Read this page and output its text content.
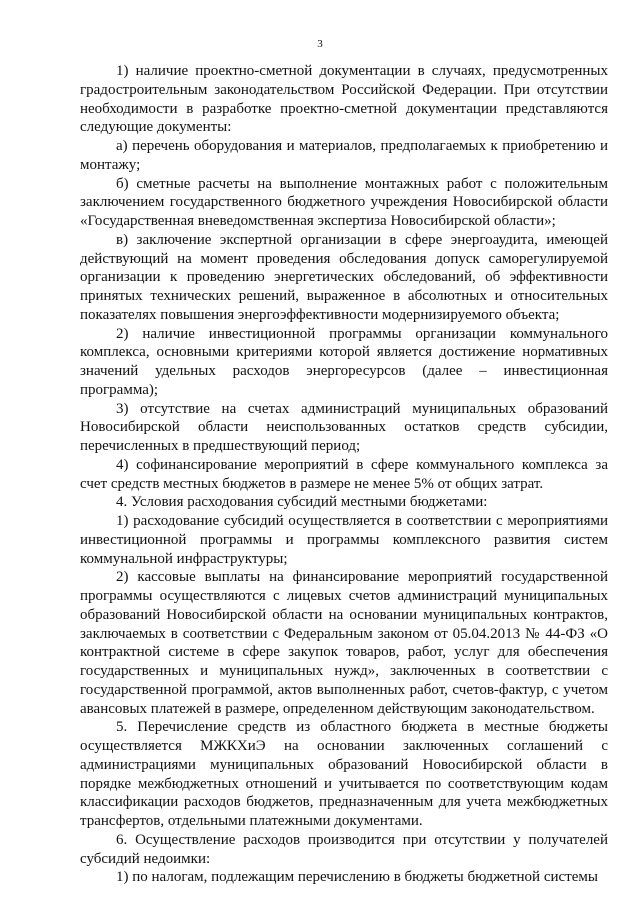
3

1) наличие проектно-сметной документации в случаях, предусмотренных градостроительным законодательством Российской Федерации. При отсутствии необходимости в разработке проектно-сметной документации представляются следующие документы:

а) перечень оборудования и материалов, предполагаемых к приобретению и монтажу;

б) сметные расчеты на выполнение монтажных работ с положительным заключением государственного бюджетного учреждения Новосибирской области «Государственная вневедомственная экспертиза Новосибирской области»;

в) заключение экспертной организации в сфере энергоаудита, имеющей действующий на момент проведения обследования допуск саморегулируемой организации к проведению энергетических обследований, об эффективности принятых технических решений, выраженное в абсолютных и относительных показателях повышения энергоэффективности модернизируемого объекта;

2) наличие инвестиционной программы организации коммунального комплекса, основными критериями которой является достижение нормативных значений удельных расходов энергоресурсов (далее – инвестиционная программа);

3) отсутствие на счетах администраций муниципальных образований Новосибирской области неиспользованных остатков средств субсидии, перечисленных в предшествующий период;

4) софинансирование мероприятий в сфере коммунального комплекса за счет средств местных бюджетов в размере не менее 5% от общих затрат.

4. Условия расходования субсидий местными бюджетами:

1) расходование субсидий осуществляется в соответствии с мероприятиями инвестиционной программы и программы комплексного развития систем коммунальной инфраструктуры;

2) кассовые выплаты на финансирование мероприятий государственной программы осуществляются с лицевых счетов администраций муниципальных образований Новосибирской области на основании муниципальных контрактов, заключаемых в соответствии с Федеральным законом от 05.04.2013 № 44-ФЗ «О контрактной системе в сфере закупок товаров, работ, услуг для обеспечения государственных и муниципальных нужд», заключенных в соответствии с государственной программой, актов выполненных работ, счетов-фактур, с учетом авансовых платежей в размере, определенном действующим законодательством.

5. Перечисление средств из областного бюджета в местные бюджеты осуществляется МЖКХиЭ на основании заключенных соглашений с администрациями муниципальных образований Новосибирской области в порядке межбюджетных отношений и учитывается по соответствующим кодам классификации расходов бюджетов, предназначенным для учета межбюджетных трансфертов, отдельными платежными документами.

6. Осуществление расходов производится при отсутствии у получателей субсидий недоимки:

1) по налогам, подлежащим перечислению в бюджеты бюджетной системы
